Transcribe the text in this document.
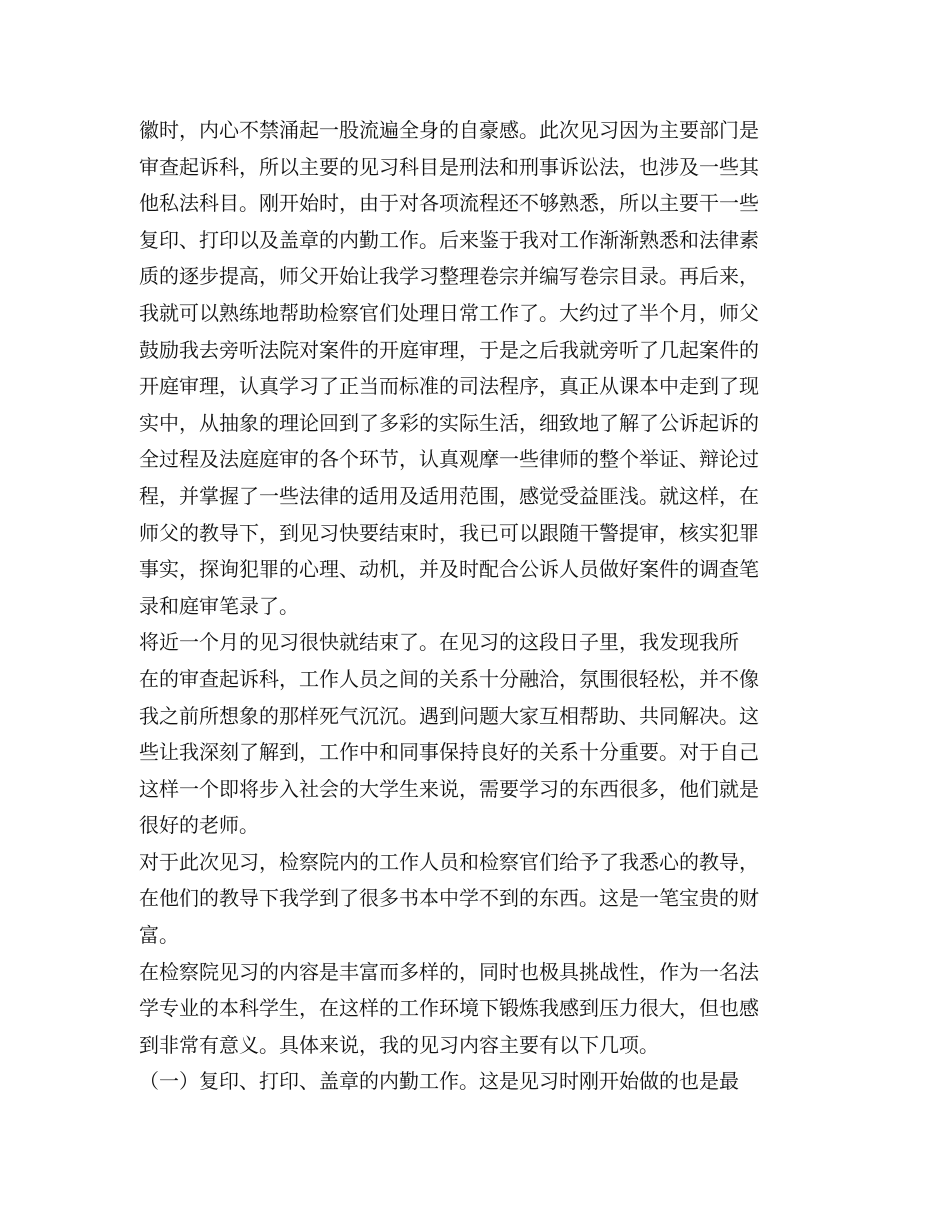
徽时，内心不禁涌起一股流遍全身的自豪感。此次见习因为主要部门是
审查起诉科，所以主要的见习科目是刑法和刑事诉讼法，也涉及一些其
他私法科目。刚开始时，由于对各项流程还不够熟悉，所以主要干一些
复印、打印以及盖章的内勤工作。后来鉴于我对工作渐渐熟悉和法律素
质的逐步提高，师父开始让我学习整理卷宗并编写卷宗目录。再后来，
我就可以熟练地帮助检察官们处理日常工作了。大约过了半个月，师父
鼓励我去旁听法院对案件的开庭审理，于是之后我就旁听了几起案件的
开庭审理，认真学习了正当而标准的司法程序，真正从课本中走到了现
实中，从抽象的理论回到了多彩的实际生活，细致地了解了公诉起诉的
全过程及法庭庭审的各个环节，认真观摩一些律师的整个举证、辩论过
程，并掌握了一些法律的适用及适用范围，感觉受益匪浅。就这样，在
师父的教导下，到见习快要结束时，我已可以跟随干警提审，核实犯罪
事实，探询犯罪的心理、动机，并及时配合公诉人员做好案件的调查笔
录和庭审笔录了。
将近一个月的见习很快就结束了。在见习的这段日子里，我发现我所
在的审查起诉科，工作人员之间的关系十分融洽，氛围很轻松，并不像
我之前所想象的那样死气沉沉。遇到问题大家互相帮助、共同解决。这
些让我深刻了解到，工作中和同事保持良好的关系十分重要。对于自己
这样一个即将步入社会的大学生来说，需要学习的东西很多，他们就是
很好的老师。
对于此次见习，检察院内的工作人员和检察官们给予了我悉心的教导，
在他们的教导下我学到了很多书本中学不到的东西。这是一笔宝贵的财
富。
在检察院见习的内容是丰富而多样的，同时也极具挑战性，作为一名法
学专业的本科学生，在这样的工作环境下锻炼我感到压力很大，但也感
到非常有意义。具体来说，我的见习内容主要有以下几项。
（一）复印、打印、盖章的内勤工作。这是见习时刚开始做的也是最
